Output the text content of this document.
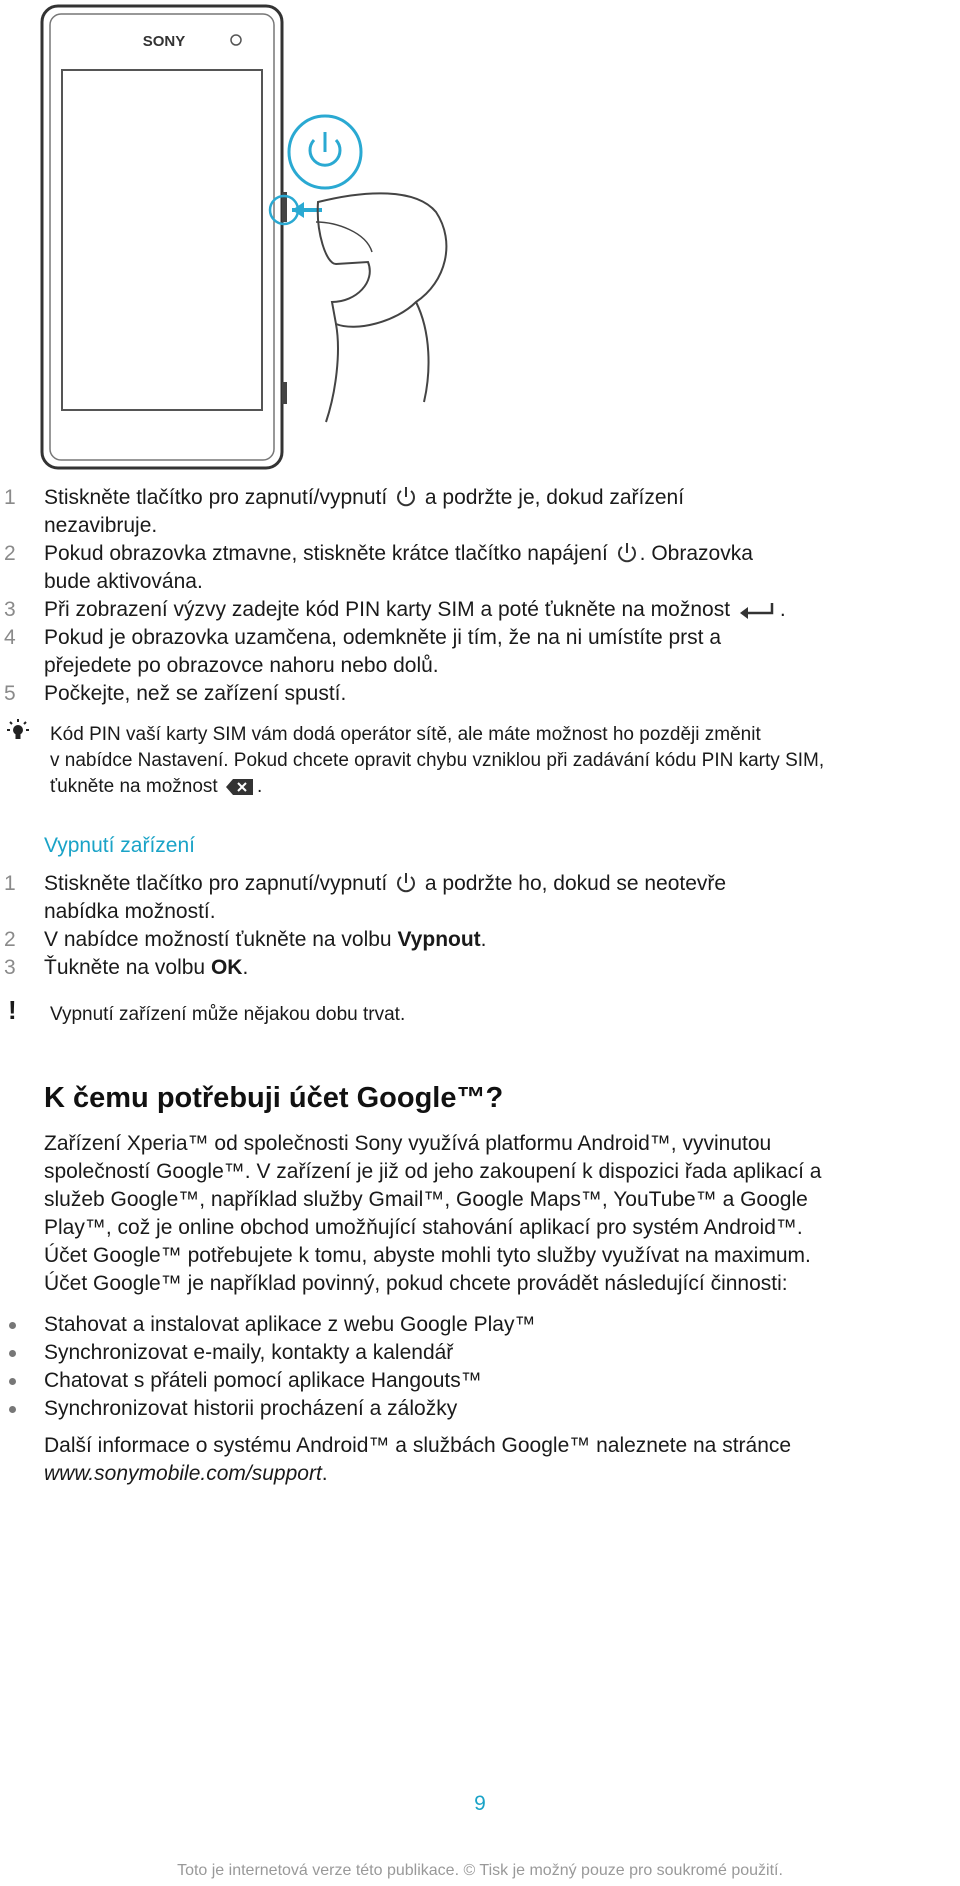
SONY
1 Stiskněte tlačítko pro zapnutí/vypnutí a podržte je, dokud zařízení
nezavibruje.
2 Pokud obrazovka ztmavne, stiskněte krátce tlačítko napájení . Obrazovka
bude aktivována.
3 Při zobrazení výzvy zadejte kód PIN karty SIM a poté ťukněte na možnost .
4 Pokud je obrazovka uzamčena, odemkněte ji tím, že na ni umístíte prst a
přejedete po obrazovce nahoru nebo dolů.
5 Počkejte, než se zařízení spustí.
Kód PIN vaší karty SIM vám dodá operátor sítě, ale máte možnost ho později změnit
v nabídce Nastavení. Pokud chcete opravit chybu vzniklou při zadávání kódu PIN karty SIM,
ťukněte na možnost .
Vypnutí zařízení
1 Stiskněte tlačítko pro zapnutí/vypnutí a podržte ho, dokud se neotevře
nabídka možností.
2 V nabídce možností ťukněte na volbu Vypnout.
3 Ťukněte na volbu OK.
! Vypnutí zařízení může nějakou dobu trvat.
K čemu potřebuji účet Google™?
Zařízení Xperia™ od společnosti Sony využívá platformu Android™, vyvinutou
společností Google™. V zařízení je již od jeho zakoupení k dispozici řada aplikací a
služeb Google™, například služby Gmail™, Google Maps™, YouTube™ a Google
Play™, což je online obchod umožňující stahování aplikací pro systém Android™.
Účet Google™ potřebujete k tomu, abyste mohli tyto služby využívat na maximum.
Účet Google™ je například povinný, pokud chcete provádět následující činnosti:
Stahovat a instalovat aplikace z webu Google Play™
Synchronizovat e-maily, kontakty a kalendář
Chatovat s přáteli pomocí aplikace Hangouts™
Synchronizovat historii procházení a záložky
Další informace o systému Android™ a službách Google™ naleznete na stránce
www.sonymobile.com/support.
9
Toto je internetová verze této publikace. © Tisk je možný pouze pro soukromé použití.
